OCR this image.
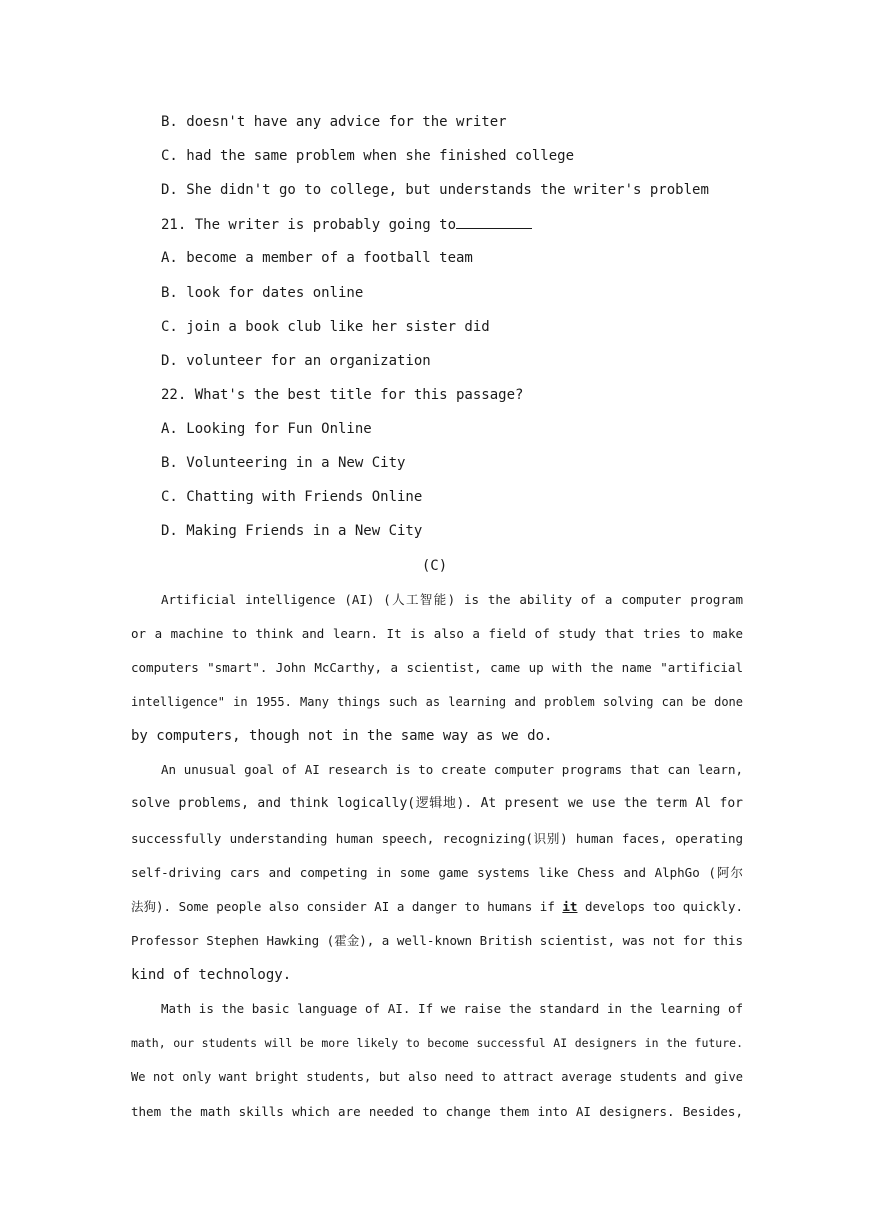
B. doesn't have any advice for the writer
C. had the same problem when she finished college
D. She didn't go to college, but understands the writer's problem
21. The writer is probably going to
A. become a member of a football team
B. look for dates online
C. join a book club like her sister did
D. volunteer for an organization
22. What's the best title for this passage?
A. Looking for Fun Online
B. Volunteering in a New City
C. Chatting with Friends Online
D. Making Friends in a New City
(C)
Artificial intelligence (AI) (人工智能) is the ability of a computer program
or a machine to think and learn. It is also a field of study that tries to make
computers "smart". John McCarthy, a scientist, came up with the name "artificial
intelligence" in 1955. Many things such as learning and problem solving can be done
by computers, though not in the same way as we do.
An unusual goal of AI research is to create computer programs that can learn,
solve problems, and think logically(逻辑地). At present we use the term Al for
successfully understanding human speech, recognizing(识别) human faces, operating
self-driving cars and competing in some game systems like Chess and AlphGo (阿尔
法狗). Some people also consider AI a danger to humans if it develops too quickly.
Professor Stephen Hawking (霍金), a well-known British scientist, was not for this
kind of technology.
Math is the basic language of AI. If we raise the standard in the learning of
math, our students will be more likely to become successful AI designers in the future.
We not only want bright students, but also need to attract average students and give
them the math skills which are needed to change them into AI designers. Besides,
